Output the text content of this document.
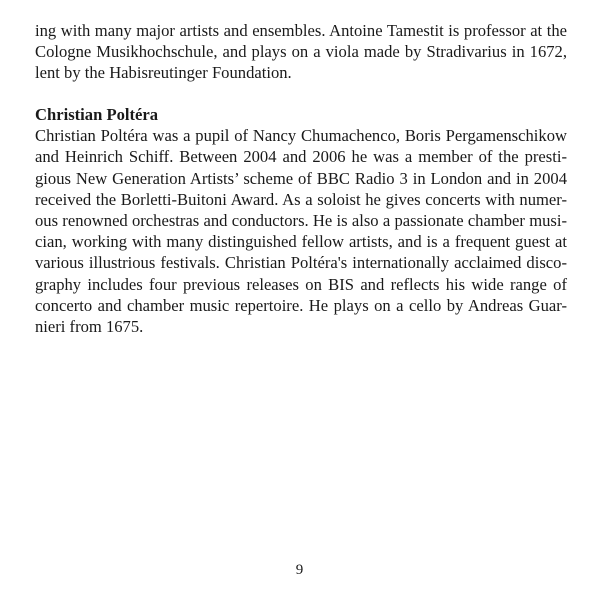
ing with many major artists and ensembles. Antoine Tamestit is professor at the
Cologne Musikhochschule, and plays on a viola made by Stradivarius in 1672,
lent by the Habisreutinger Foundation.
Christian Poltéra
Christian Poltéra was a pupil of Nancy Chumachenco, Boris Pergamenschikow
and Heinrich Schiff. Between 2004 and 2006 he was a member of the presti-
gious New Generation Artists’ scheme of BBC Radio 3 in London and in 2004
received the Borletti-Buitoni Award. As a soloist he gives concerts with numer-
ous renowned orchestras and conductors. He is also a passionate chamber musi-
cian, working with many distinguished fellow artists, and is a frequent guest at
various illustrious festivals. Christian Poltéra's internationally acclaimed disco-
graphy includes four previous releases on BIS and reflects his wide range of
concerto and chamber music repertoire. He plays on a cello by Andreas Guar-
nieri from 1675.
9
